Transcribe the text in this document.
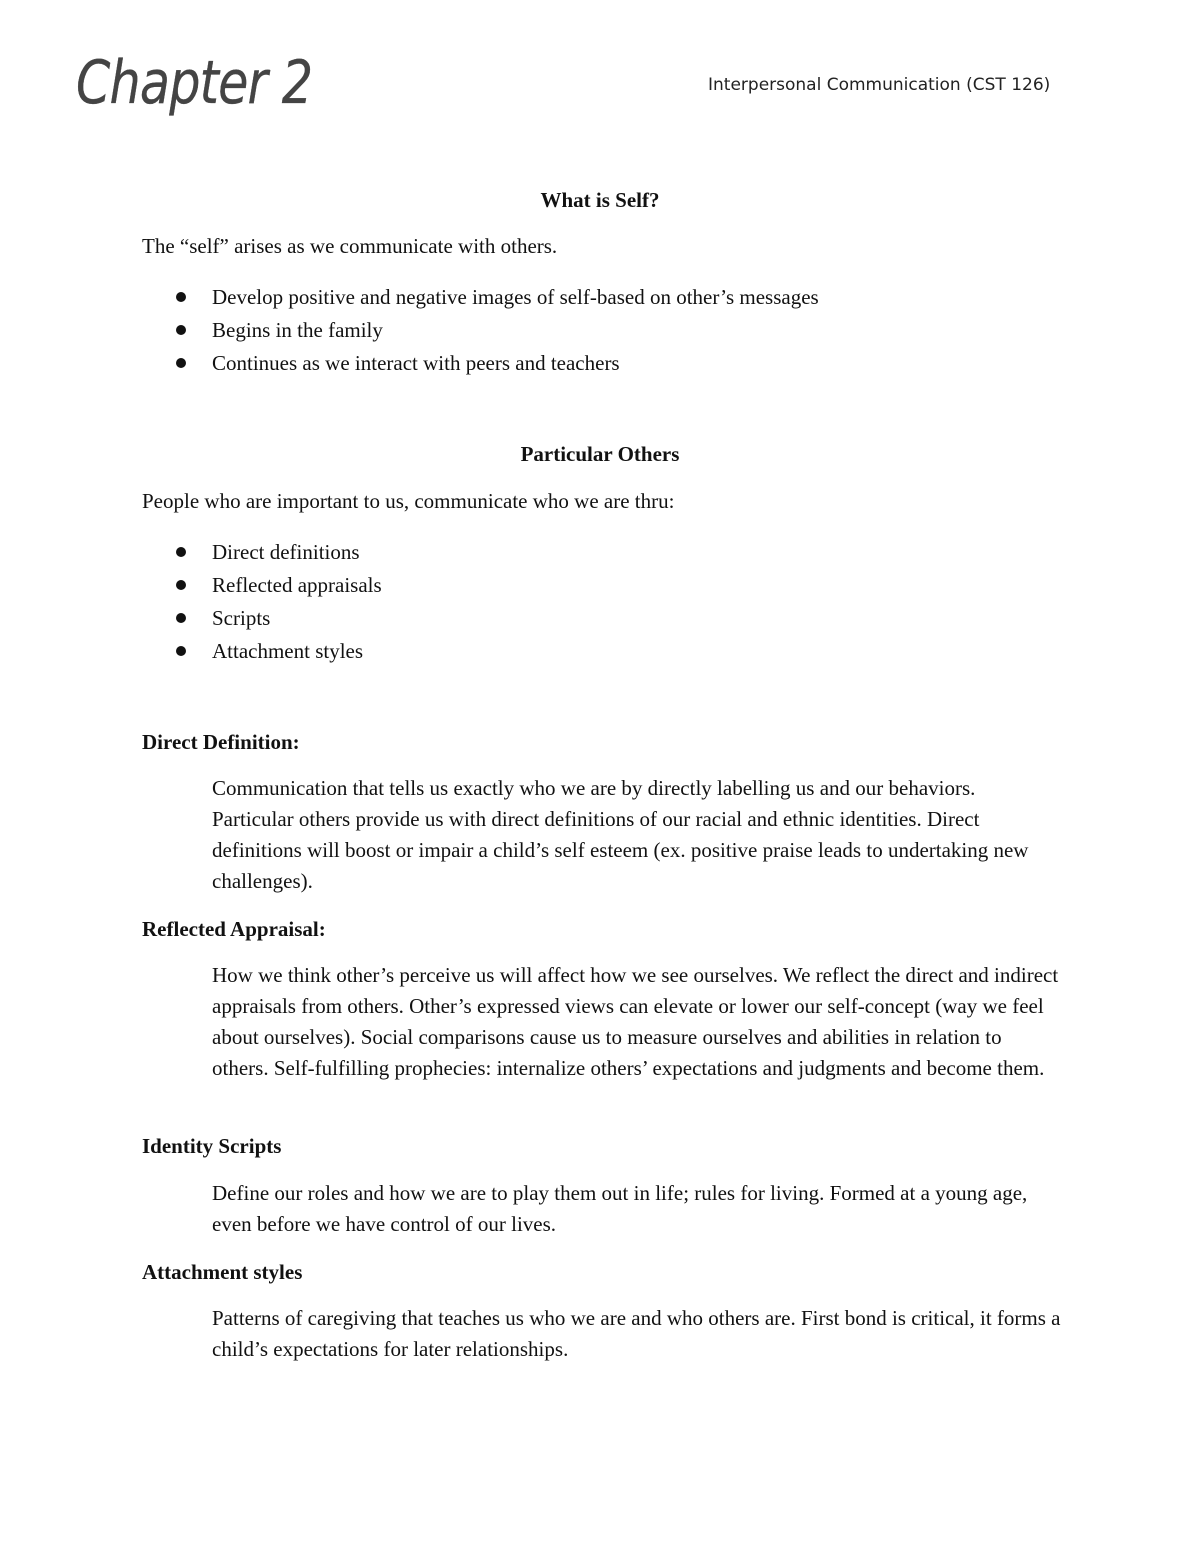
Chapter 2	Interpersonal Communication (CST 126)
What is Self?
The “self” arises as we communicate with others.
Develop positive and negative images of self-based on other’s messages
Begins in the family
Continues as we interact with peers and teachers
Particular Others
People who are important to us, communicate who we are thru:
Direct definitions
Reflected appraisals
Scripts
Attachment styles
Direct Definition:
Communication that tells us exactly who we are by directly labelling us and our behaviors. Particular others provide us with direct definitions of our racial and ethnic identities. Direct definitions will boost or impair a child’s self esteem (ex. positive praise leads to undertaking new challenges).
Reflected Appraisal:
How we think other’s perceive us will affect how we see ourselves. We reflect the direct and indirect appraisals from others. Other’s expressed views can elevate or lower our self-concept (way we feel about ourselves). Social comparisons cause us to measure ourselves and abilities in relation to others. Self-fulfilling prophecies: internalize others’ expectations and judgments and become them.
Identity Scripts
Define our roles and how we are to play them out in life; rules for living. Formed at a young age, even before we have control of our lives.
Attachment styles
Patterns of caregiving that teaches us who we are and who others are. First bond is critical, it forms a child’s expectations for later relationships.
